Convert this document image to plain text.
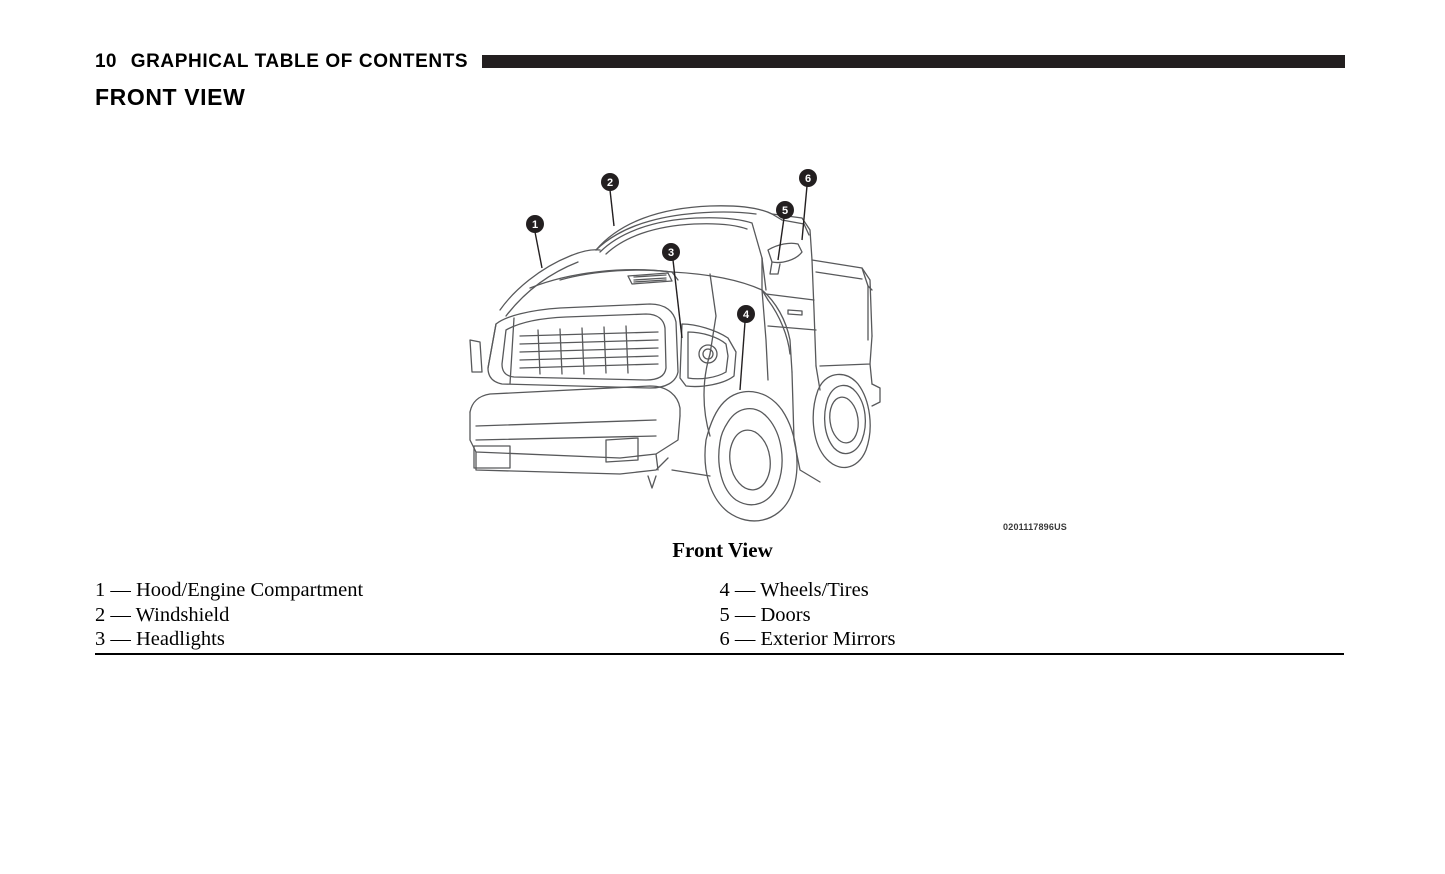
10 GRAPHICAL TABLE OF CONTENTS
FRONT VIEW
1
2
3
4
5
6
0201117896US
Front View
1 — Hood/Engine Compartment
2 — Windshield
3 — Headlights
4 — Wheels/Tires
5 — Doors
6 — Exterior Mirrors
